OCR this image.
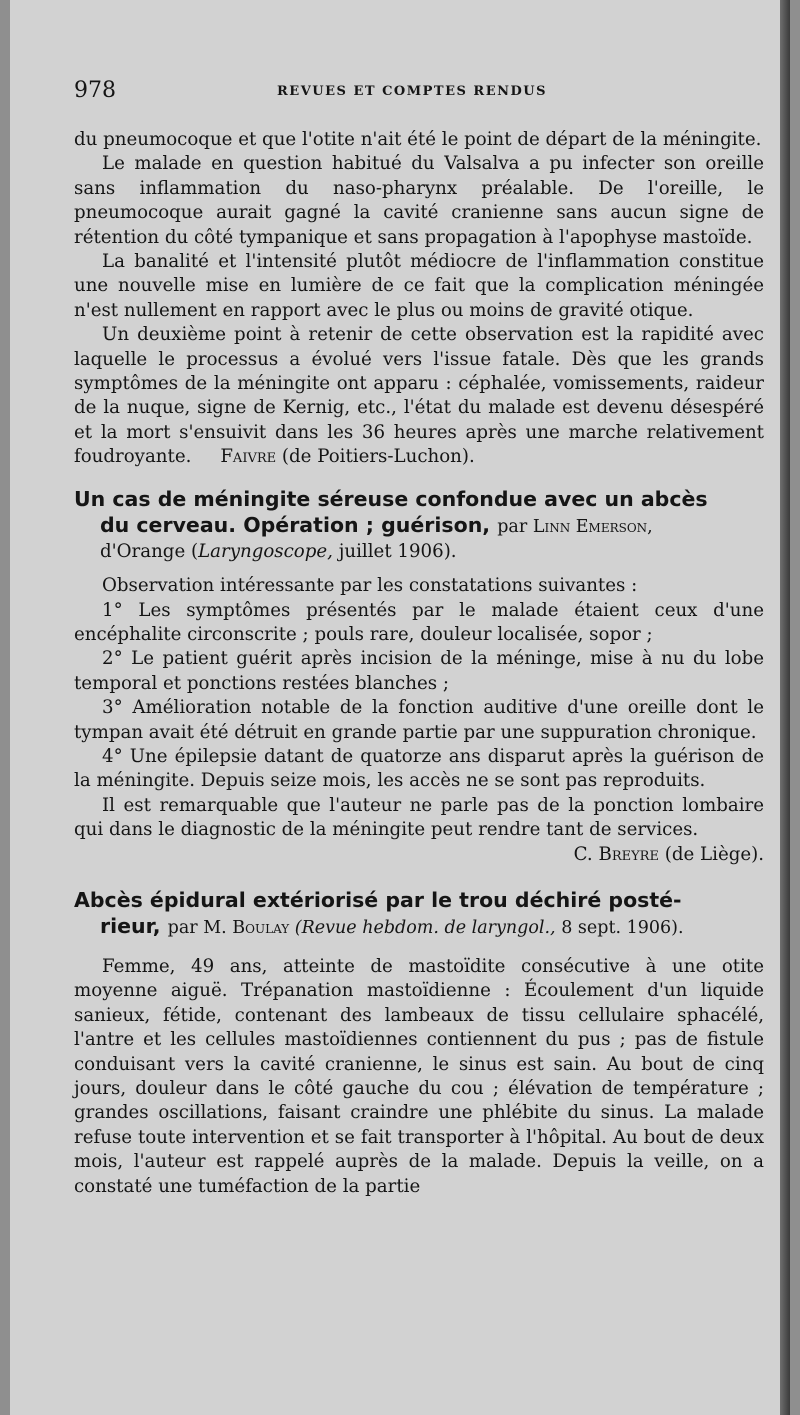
978	REVUES ET COMPTES RENDUS

du pneumocoque et que l'otite n'ait été le point de départ de la méningite.

Le malade en question habitué du Valsalva a pu infecter son oreille sans inflammation du naso-pharynx préalable. De l'oreille, le pneumocoque aurait gagné la cavité cranienne sans aucun signe de rétention du côté tympanique et sans propagation à l'apophyse mastoïde.

La banalité et l'intensité plutôt médiocre de l'inflammation constitue une nouvelle mise en lumière de ce fait que la complication méningée n'est nullement en rapport avec le plus ou moins de gravité otique.

Un deuxième point à retenir de cette observation est la rapidité avec laquelle le processus a évolué vers l'issue fatale. Dès que les grands symptômes de la méningite ont apparu : céphalée, vomissements, raideur de la nuque, signe de Kernig, etc., l'état du malade est devenu désespéré et la mort s'ensuivit dans les 36 heures après une marche relativement foudroyante. Faivre (de Poitiers-Luchon).

Un cas de méningite séreuse confondue avec un abcès
du cerveau. Opération ; guérison, par Linn Emerson,

d'Orange (Laryngoscope, juillet 1906).

Observation intéressante par les constatations suivantes :

1° Les symptômes présentés par le malade étaient ceux d'une encéphalite circonscrite ; pouls rare, douleur localisée, sopor ;

2° Le patient guérit après incision de la méninge, mise à nu du lobe temporal et ponctions restées blanches ;

3° Amélioration notable de la fonction auditive d'une oreille dont le tympan avait été détruit en grande partie par une suppuration chronique.

4° Une épilepsie datant de quatorze ans disparut après la guérison de la méningite. Depuis seize mois, les accès ne se sont pas reproduits.

Il est remarquable que l'auteur ne parle pas de la ponction lombaire qui dans le diagnostic de la méningite peut rendre tant de services.

C. Breyre (de Liège).

Abcès épidural extériorisé par le trou déchiré posté-
rieur, par M. Boulay (Revue hebdom. de laryngol., 8 sept. 1906).

Femme, 49 ans, atteinte de mastoïdite consécutive à une otite moyenne aiguë. Trépanation mastoïdienne : Écoulement d'un liquide sanieux, fétide, contenant des lambeaux de tissu cellulaire sphacélé, l'antre et les cellules mastoïdiennes contiennent du pus ; pas de fistule conduisant vers la cavité cranienne, le sinus est sain. Au bout de cinq jours, douleur dans le côté gauche du cou ; élévation de température ; grandes oscillations, faisant craindre une phlébite du sinus. La malade refuse toute intervention et se fait transporter à l'hôpital. Au bout de deux mois, l'auteur est rappelé auprès de la malade. Depuis la veille, on a constaté une tuméfaction de la partie
